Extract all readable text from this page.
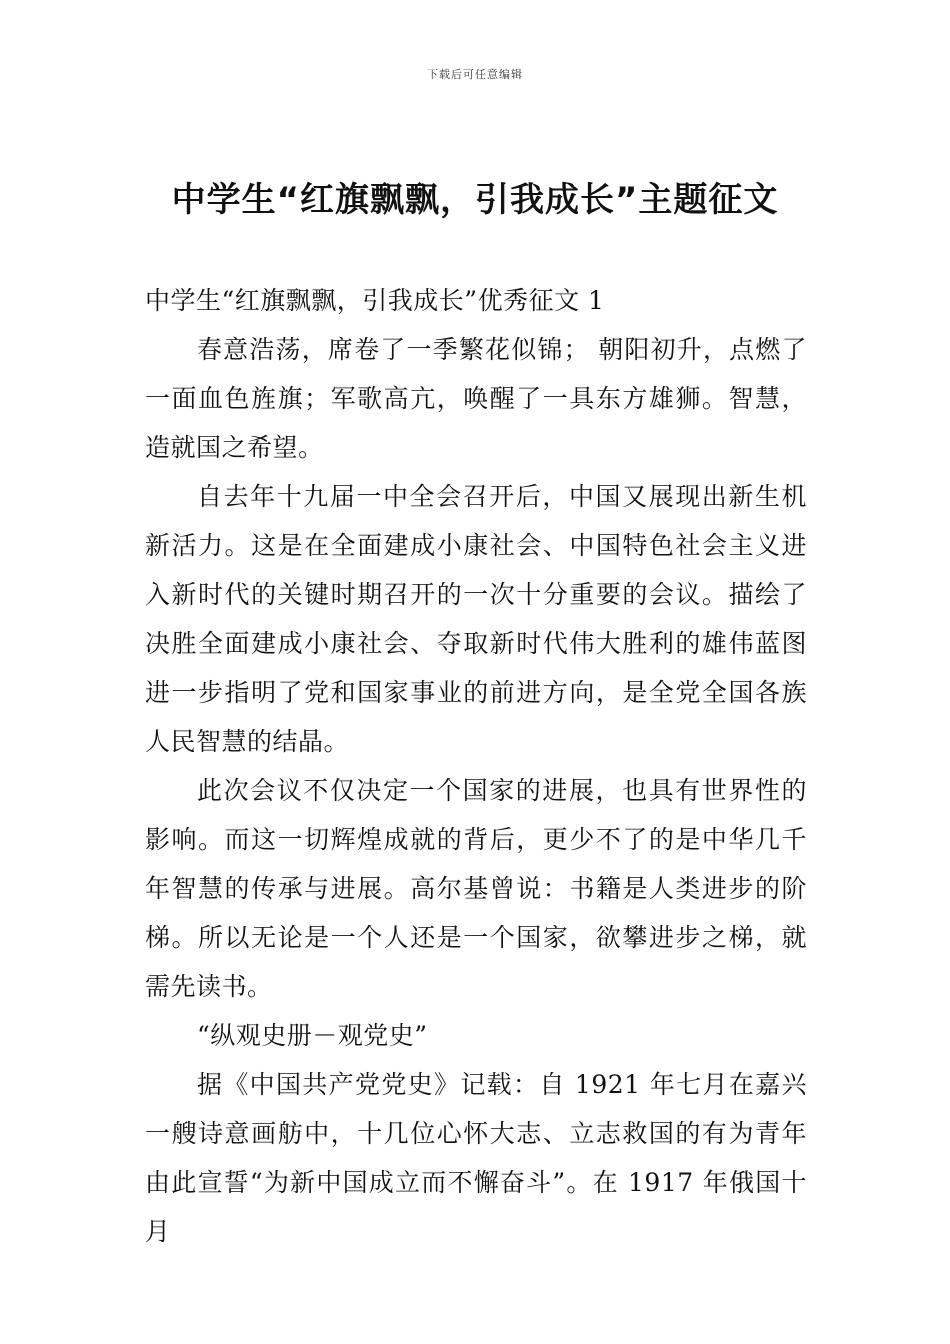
下载后可任意编辑
中学生“红旗飘飘，引我成长”主题征文

中学生“红旗飘飘，引我成长”优秀征文 1

春意浩荡，席卷了一季繁花似锦； 朝阳初升，点燃了一面血色旌旗；军歌高亢，唤醒了一具东方雄狮。智慧，造就国之希望。

自去年十九届一中全会召开后，中国又展现出新生机新活力。这是在全面建成小康社会、中国特色社会主义进入新时代的关键时期召开的一次十分重要的会议。描绘了决胜全面建成小康社会、夺取新时代伟大胜利的雄伟蓝图进一步指明了党和国家事业的前进方向，是全党全国各族人民智慧的结晶。

此次会议不仅决定一个国家的进展，也具有世界性的影响。而这一切辉煌成就的背后，更少不了的是中华几千年智慧的传承与进展。高尔基曾说：书籍是人类进步的阶梯。所以无论是一个人还是一个国家，欲攀进步之梯，就需先读书。

“纵观史册－观党史”

据《中国共产党党史》记载：自 1921 年七月在嘉兴一艘诗意画舫中，十几位心怀大志、立志救国的有为青年由此宣誓“为新中国成立而不懈奋斗”。在 1917 年俄国十月
